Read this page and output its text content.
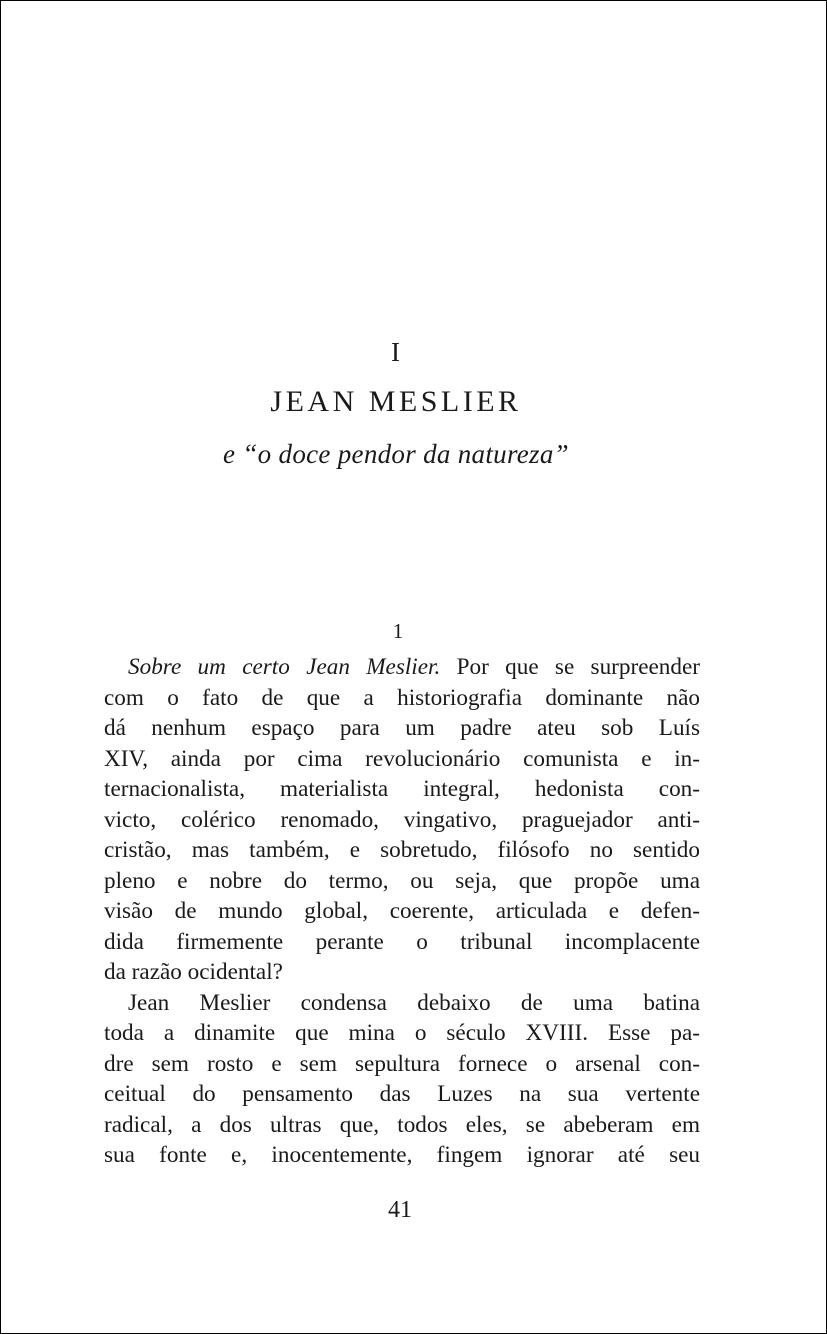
I
JEAN MESLIER
e “o doce pendor da natureza”
1
Sobre um certo Jean Meslier. Por que se surpreender
com o fato de que a historiografia dominante não
dá nenhum espaço para um padre ateu sob Luís
XIV, ainda por cima revolucionário comunista e in-
ternacionalista, materialista integral, hedonista con-
victo, colérico renomado, vingativo, praguejador anti-
cristão, mas também, e sobretudo, filósofo no sentido
pleno e nobre do termo, ou seja, que propõe uma
visão de mundo global, coerente, articulada e defen-
dida firmemente perante o tribunal incomplacente
da razão ocidental?
Jean Meslier condensa debaixo de uma batina
toda a dinamite que mina o século XVIII. Esse pa-
dre sem rosto e sem sepultura fornece o arsenal con-
ceitual do pensamento das Luzes na sua vertente
radical, a dos ultras que, todos eles, se abeberam em
sua fonte e, inocentemente, fingem ignorar até seu
41
